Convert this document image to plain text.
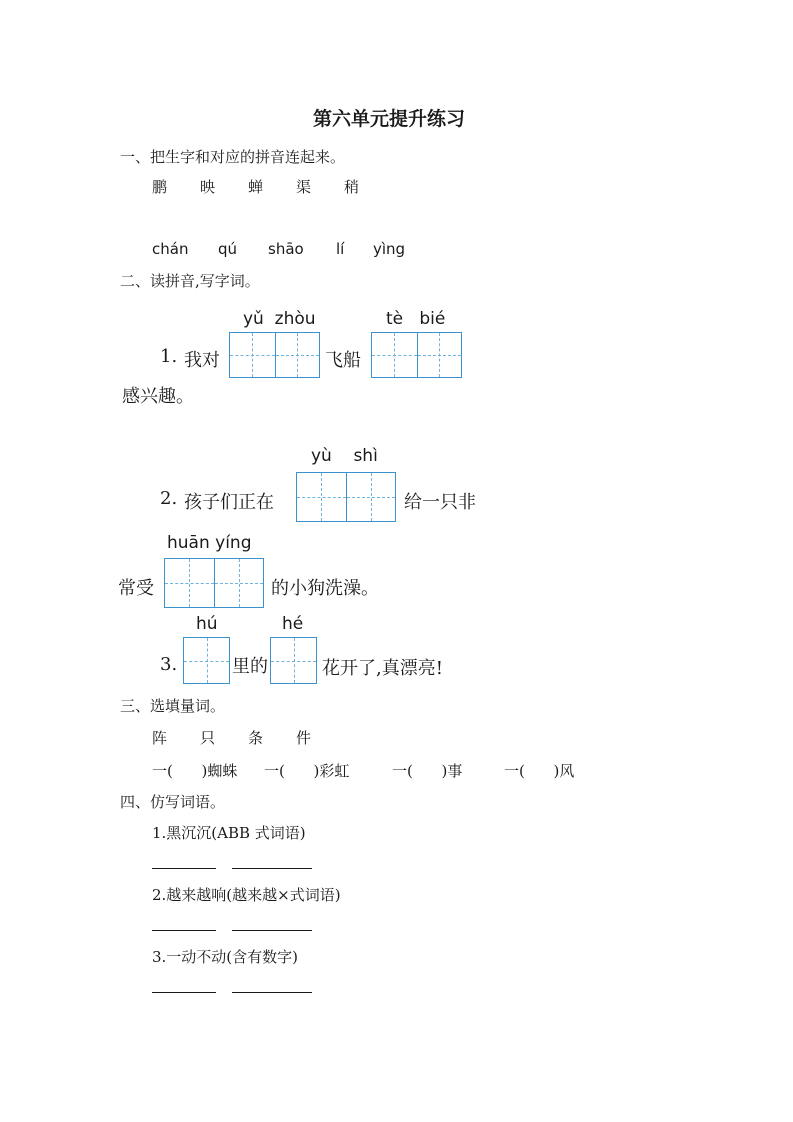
第六单元提升练习
一、把生字和对应的拼音连起来。
鹏 映 蝉 渠 稍
chán qú shāo lí yìng
二、读拼音,写字词。
yǔ  zhòu	tè   bié
1. 我对	飞船
感兴趣。
yù    shì
2. 孩子们正在	给一只非
huān yíng
常受	的小狗洗澡。
hú	hé
3.	里的	花开了,真漂亮!
三、选填量词。
阵 只 条 件
一(      )蜘蛛 一(      )彩虹	一(      )事	一(      )风
四、仿写词语。
1.黑沉沉(ABB 式词语)
2.越来越响(越来越×式词语)
3.一动不动(含有数字)
